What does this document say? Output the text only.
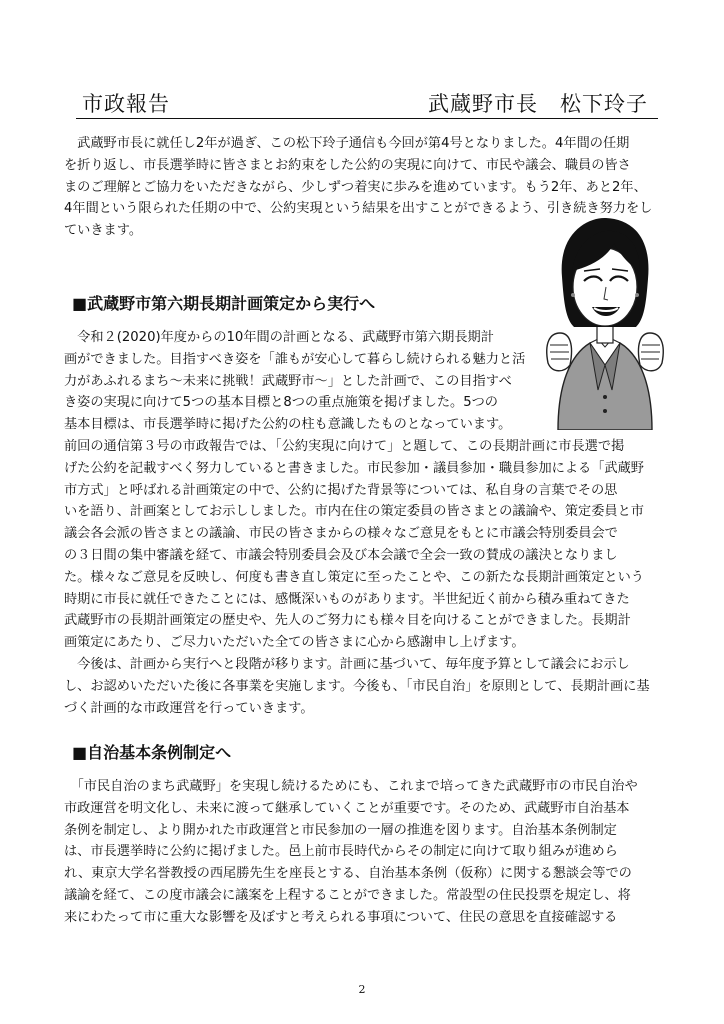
市政報告	武蔵野市長　松下玲子

　武蔵野市長に就任し2年が過ぎ、この松下玲子通信も今回が第4号となりました。4年間の任期
を折り返し、市長選挙時に皆さまとお約束をした公約の実現に向けて、市民や議会、職員の皆さ
まのご理解とご協力をいただきながら、少しずつ着実に歩みを進めています。もう2年、あと2年、
4年間という限られた任期の中で、公約実現という結果を出すことができるよう、引き続き努力をし
ていきます。

■武蔵野市第六期長期計画策定から実行へ

　令和２(2020)年度からの10年間の計画となる、武蔵野市第六期長期計
画ができました。目指すべき姿を「誰もが安心して暮らし続けられる魅力と活
力があふれるまち～未来に挑戦！武蔵野市～」とした計画で、この目指すべ
き姿の実現に向けて5つの基本目標と8つの重点施策を掲げました。5つの
基本目標は、市長選挙時に掲げた公約の柱も意識したものとなっています。

前回の通信第３号の市政報告では、「公約実現に向けて」と題して、この長期計画に市長選で掲
げた公約を記載すべく努力していると書きました。市民参加・議員参加・職員参加による「武蔵野
市方式」と呼ばれる計画策定の中で、公約に掲げた背景等については、私自身の言葉でその思
いを語り、計画案としてお示ししました。市内在住の策定委員の皆さまとの議論や、策定委員と市
議会各会派の皆さまとの議論、市民の皆さまからの様々なご意見をもとに市議会特別委員会で
の３日間の集中審議を経て、市議会特別委員会及び本会議で全会一致の賛成の議決となりまし
た。様々なご意見を反映し、何度も書き直し策定に至ったことや、この新たな長期計画策定という
時期に市長に就任できたことには、感慨深いものがあります。半世紀近く前から積み重ねてきた
武蔵野市の長期計画策定の歴史や、先人のご努力にも様々目を向けることができました。長期計
画策定にあたり、ご尽力いただいた全ての皆さまに心から感謝申し上げます。

　今後は、計画から実行へと段階が移ります。計画に基づいて、毎年度予算として議会にお示し
し、お認めいただいた後に各事業を実施します。今後も、「市民自治」を原則として、長期計画に基
づく計画的な市政運営を行っていきます。

■自治基本条例制定へ

　「市民自治のまち武蔵野」を実現し続けるためにも、これまで培ってきた武蔵野市の市民自治や
市政運営を明文化し、未来に渡って継承していくことが重要です。そのため、武蔵野市自治基本
条例を制定し、より開かれた市政運営と市民参加の一層の推進を図ります。自治基本条例制定
は、市長選挙時に公約に掲げました。邑上前市長時代からその制定に向けて取り組みが進めら
れ、東京大学名誉教授の西尾勝先生を座長とする、自治基本条例（仮称）に関する懇談会等での
議論を経て、この度市議会に議案を上程することができました。常設型の住民投票を規定し、将
来にわたって市に重大な影響を及ぼすと考えられる事項について、住民の意思を直接確認する

2
